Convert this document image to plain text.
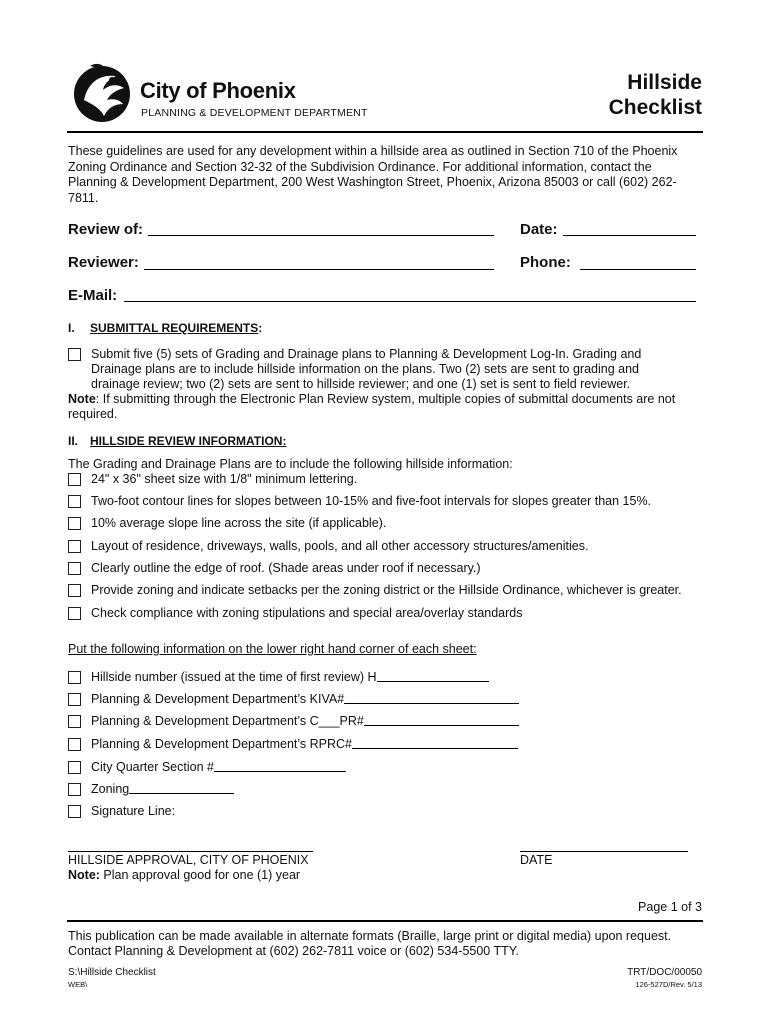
City of Phoenix
PLANNING & DEVELOPMENT DEPARTMENT
Hillside
Checklist
These guidelines are used for any development within a hillside area as outlined in Section 710 of the Phoenix Zoning Ordinance and Section 32-32 of the Subdivision Ordinance. For additional information, contact the Planning & Development Department, 200 West Washington Street, Phoenix, Arizona 85003 or call (602) 262-7811.
Review of:	Date:
Reviewer:	Phone:
E-Mail:
I. SUBMITTAL REQUIREMENTS:
Submit five (5) sets of Grading and Drainage plans to Planning & Development Log-In. Grading and Drainage plans are to include hillside information on the plans. Two (2) sets are sent to grading and drainage review; two (2) sets are sent to hillside reviewer; and one (1) set is sent to field reviewer.
Note: If submitting through the Electronic Plan Review system, multiple copies of submittal documents are not required.
II. HILLSIDE REVIEW INFORMATION:
The Grading and Drainage Plans are to include the following hillside information:
24" x 36" sheet size with 1/8" minimum lettering.
Two-foot contour lines for slopes between 10-15% and five-foot intervals for slopes greater than 15%.
10% average slope line across the site (if applicable).
Layout of residence, driveways, walls, pools, and all other accessory structures/amenities.
Clearly outline the edge of roof. (Shade areas under roof if necessary.)
Provide zoning and indicate setbacks per the zoning district or the Hillside Ordinance, whichever is greater.
Check compliance with zoning stipulations and special area/overlay standards
Put the following information on the lower right hand corner of each sheet:
Hillside number (issued at the time of first review) H
Planning & Development Department’s KIVA#
Planning & Development Department’s C___PR#
Planning & Development Department’s RPRC#
City Quarter Section #
Zoning
Signature Line:
HILLSIDE APPROVAL, CITY OF PHOENIX	DATE
Note: Plan approval good for one (1) year
Page 1 of 3
This publication can be made available in alternate formats (Braille, large print or digital media) upon request. Contact Planning & Development at (602) 262-7811 voice or (602) 534-5500 TTY.
S:\Hillside Checklist
WEB\
TRT/DOC/00050
126-527D/Rev. 5/13
